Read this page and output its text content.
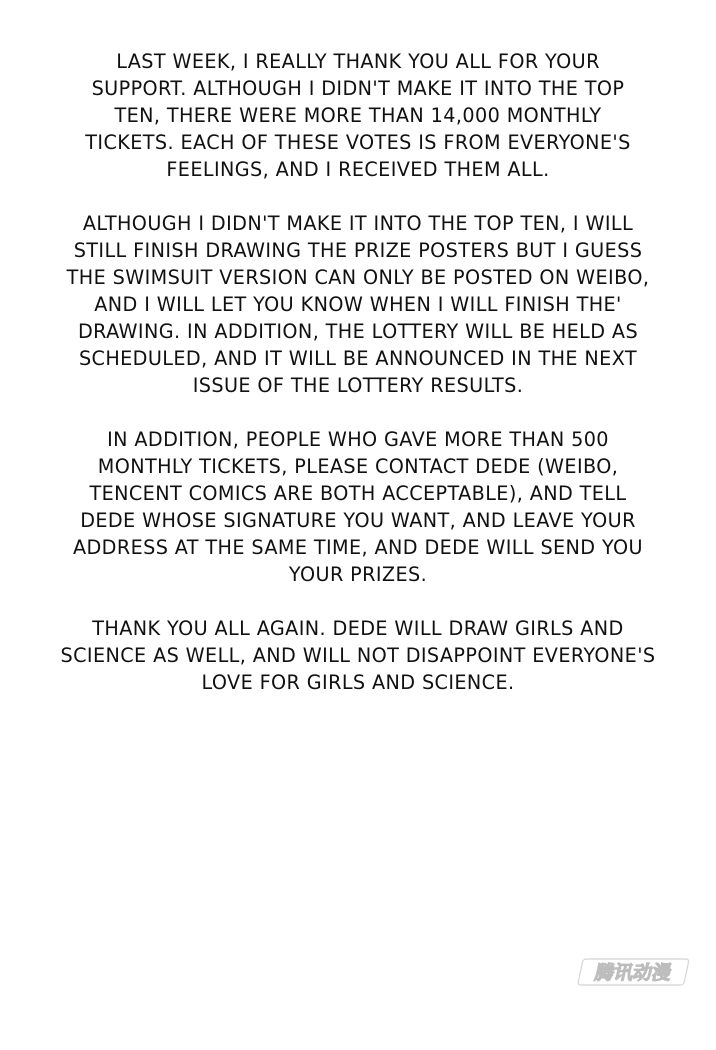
LAST WEEK, I REALLY THANK YOU ALL FOR YOUR
SUPPORT. ALTHOUGH I DIDN'T MAKE IT INTO THE TOP
TEN, THERE WERE MORE THAN 14,000 MONTHLY
TICKETS. EACH OF THESE VOTES IS FROM EVERYONE'S
FEELINGS, AND I RECEIVED THEM ALL.

ALTHOUGH I DIDN'T MAKE IT INTO THE TOP TEN, I WILL
STILL FINISH DRAWING THE PRIZE POSTERS BUT I GUESS
THE SWIMSUIT VERSION CAN ONLY BE POSTED ON WEIBO,
AND I WILL LET YOU KNOW WHEN I WILL FINISH THE'
DRAWING. IN ADDITION, THE LOTTERY WILL BE HELD AS
SCHEDULED, AND IT WILL BE ANNOUNCED IN THE NEXT
ISSUE OF THE LOTTERY RESULTS.

IN ADDITION, PEOPLE WHO GAVE MORE THAN 500
MONTHLY TICKETS, PLEASE CONTACT DEDE (WEIBO,
TENCENT COMICS ARE BOTH ACCEPTABLE), AND TELL
DEDE WHOSE SIGNATURE YOU WANT, AND LEAVE YOUR
ADDRESS AT THE SAME TIME, AND DEDE WILL SEND YOU
YOUR PRIZES.

THANK YOU ALL AGAIN. DEDE WILL DRAW GIRLS AND
SCIENCE AS WELL, AND WILL NOT DISAPPOINT EVERYONE'S
LOVE FOR GIRLS AND SCIENCE.

腾讯动漫
